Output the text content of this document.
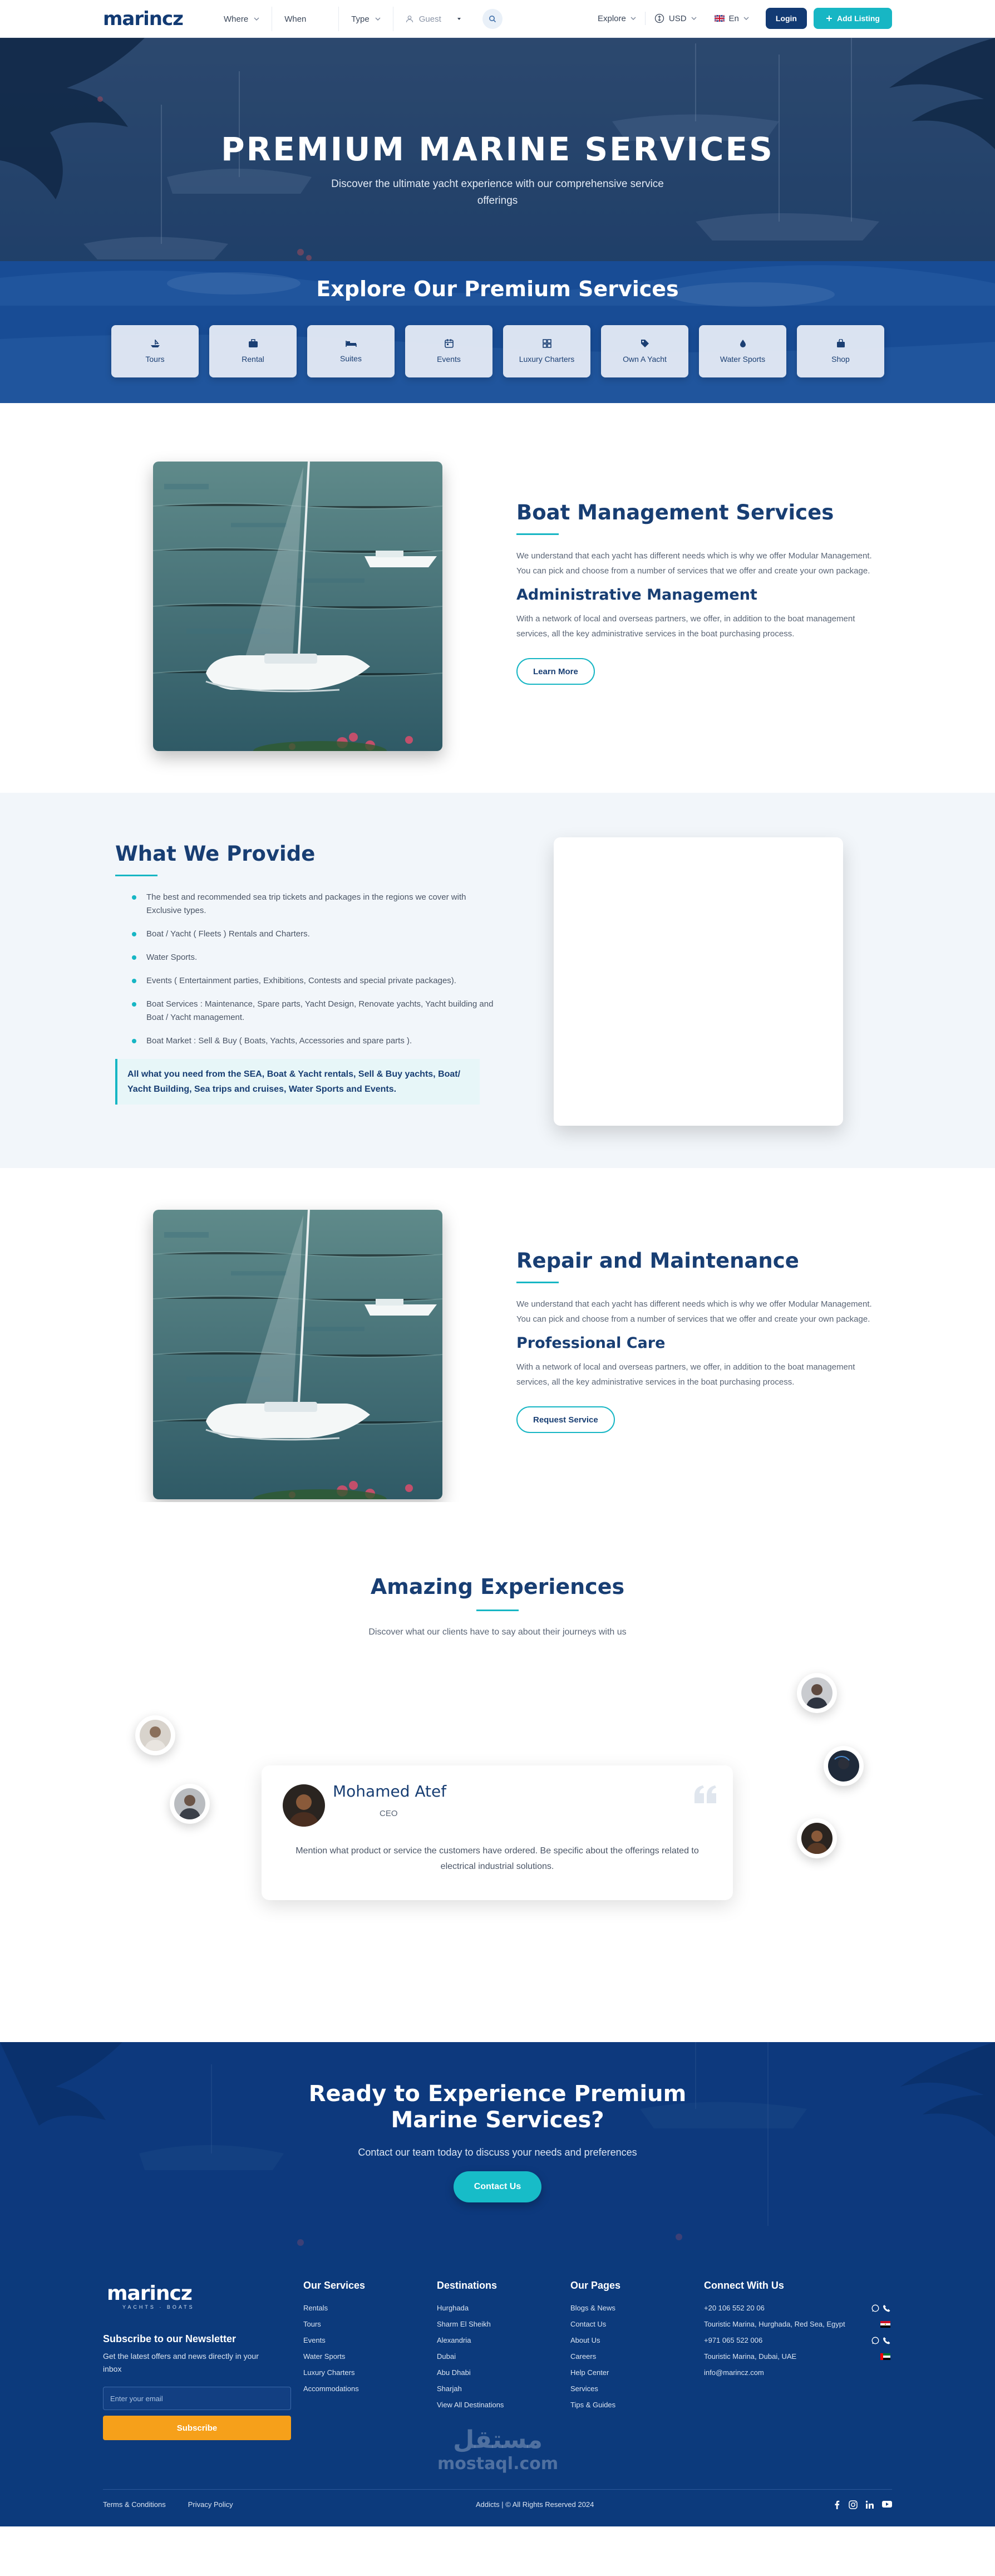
marincz	Where	When	Type	Guest	Explore	USD	En	Login	Add Listing
PREMIUM MARINE SERVICES

Discover the ultimate yacht experience with our comprehensive service offerings

Explore Our Premium Services
Tours	Rental	Suites	Events	Luxury Charters	Own A Yacht	Water Sports	Shop
Boat Management Services

We understand that each yacht has different needs which is why we offer Modular Management. You can pick and choose from a number of services that we offer and create your own package.

Administrative Management

With a network of local and overseas partners, we offer, in addition to the boat management services, all the key administrative services in the boat purchasing process.

Learn More
What We Provide
The best and recommended sea trip tickets and packages in the regions we cover with Exclusive types.
Boat / Yacht ( Fleets ) Rentals and Charters.
Water Sports.
Events ( Entertainment parties, Exhibitions, Contests and special private packages).
Boat Services : Maintenance, Spare parts, Yacht Design, Renovate yachts, Yacht building and Boat / Yacht management.
Boat Market : Sell & Buy ( Boats, Yachts, Accessories and spare parts ).
All what you need from the SEA, Boat & Yacht rentals, Sell & Buy yachts, Boat/ Yacht Building, Sea trips and cruises, Water Sports and Events.
Repair and Maintenance

We understand that each yacht has different needs which is why we offer Modular Management. You can pick and choose from a number of services that we offer and create your own package.

Professional Care

With a network of local and overseas partners, we offer, in addition to the boat management services, all the key administrative services in the boat purchasing process.

Request Service
Amazing Experiences

Discover what our clients have to say about their journeys with us

Mohamed Atef
CEO

Mention what product or service the customers have ordered. Be specific about the offerings related to electrical industrial solutions.

Ready to Experience Premium Marine Services?

Contact our team today to discuss your needs and preferences

Contact Us
marincz
YACHTS · BOATS
Subscribe to our Newsletter
Get the latest offers and news directly in your inbox
Enter your email
Subscribe
Our Services
Rentals
Tours
Events
Water Sports
Luxury Charters
Accommodations
Destinations
Hurghada
Sharm El Sheikh
Alexandria
Dubai
Abu Dhabi
Sharjah
View All Destinations
Our Pages
Blogs & News
Contact Us
About Us
Careers
Help Center
Services
Tips & Guides
Connect With Us
+20 106 552 20 06
Touristic Marina, Hurghada, Red Sea, Egypt
+971 065 522 006
Touristic Marina, Dubai, UAE
info@marincz.com
مستقل
mostaql.com
Terms & Conditions	Privacy Policy	Addicts | © All Rights Reserved 2024
